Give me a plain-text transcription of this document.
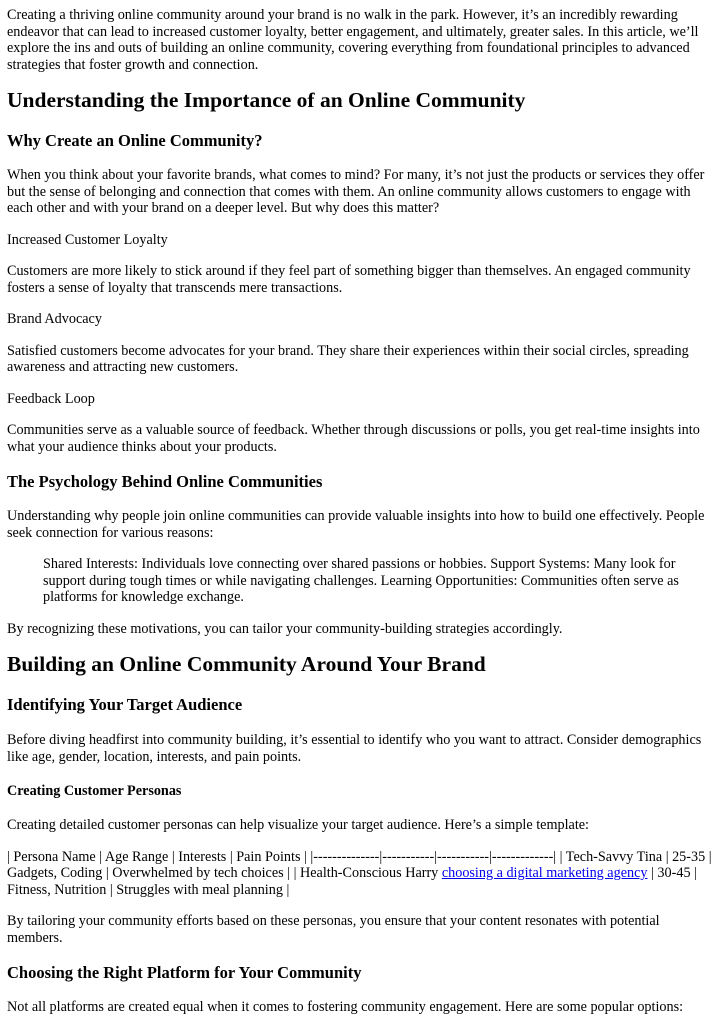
Creating a thriving online community around your brand is no walk in the park. However, it’s an incredibly rewarding endeavor that can lead to increased customer loyalty, better engagement, and ultimately, greater sales. In this article, we’ll explore the ins and outs of building an online community, covering everything from foundational principles to advanced strategies that foster growth and connection.

Understanding the Importance of an Online Community
Why Create an Online Community?

When you think about your favorite brands, what comes to mind? For many, it’s not just the products or services they offer but the sense of belonging and connection that comes with them. An online community allows customers to engage with each other and with your brand on a deeper level. But why does this matter?

Increased Customer Loyalty

Customers are more likely to stick around if they feel part of something bigger than themselves. An engaged community fosters a sense of loyalty that transcends mere transactions.

Brand Advocacy

Satisfied customers become advocates for your brand. They share their experiences within their social circles, spreading awareness and attracting new customers.

Feedback Loop

Communities serve as a valuable source of feedback. Whether through discussions or polls, you get real-time insights into what your audience thinks about your products.

The Psychology Behind Online Communities

Understanding why people join online communities can provide valuable insights into how to build one effectively. People seek connection for various reasons:

Shared Interests: Individuals love connecting over shared passions or hobbies. Support Systems: Many look for support during tough times or while navigating challenges. Learning Opportunities: Communities often serve as platforms for knowledge exchange.

By recognizing these motivations, you can tailor your community-building strategies accordingly.

Building an Online Community Around Your Brand
Identifying Your Target Audience

Before diving headfirst into community building, it’s essential to identify who you want to attract. Consider demographics like age, gender, location, interests, and pain points.

Creating Customer Personas

Creating detailed customer personas can help visualize your target audience. Here’s a simple template:

| Persona Name | Age Range | Interests | Pain Points | |--------------|-----------|-----------|-------------| | Tech-Savvy Tina | 25-35 | Gadgets, Coding | Overwhelmed by tech choices | | Health-Conscious Harry choosing a digital marketing agency | 30-45 | Fitness, Nutrition | Struggles with meal planning |

By tailoring your community efforts based on these personas, you ensure that your content resonates with potential members.

Choosing the Right Platform for Your Community

Not all platforms are created equal when it comes to fostering community engagement. Here are some popular options:
